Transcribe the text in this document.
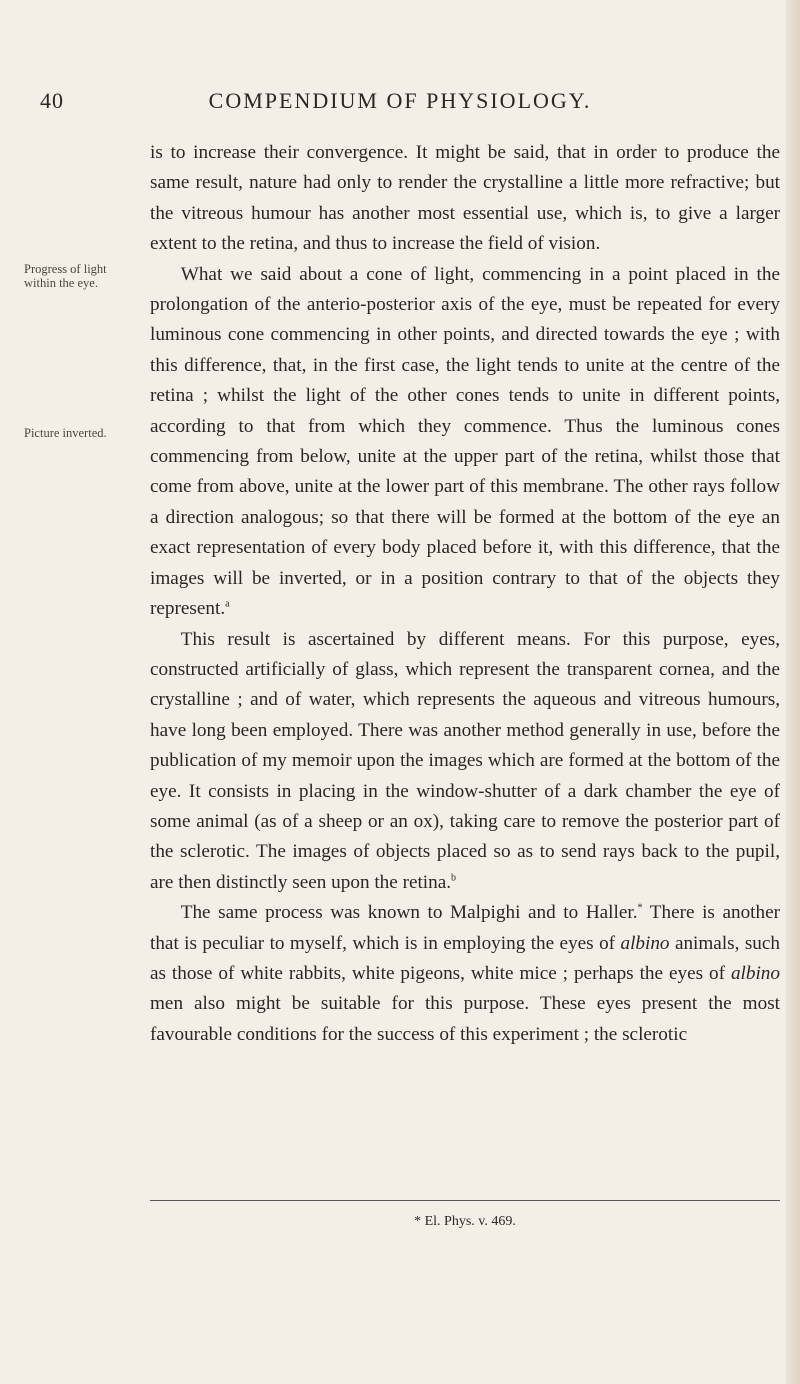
40	COMPENDIUM OF PHYSIOLOGY.
Progress of light within the eye.
Picture inverted.

is to increase their convergence. It might be said, that in order to produce the same result, nature had only to render the crystalline a little more refractive; but the vitreous humour has another most essential use, which is, to give a larger extent to the retina, and thus to increase the field of vision.

What we said about a cone of light, commencing in a point placed in the prolongation of the anterio-posterior axis of the eye, must be repeated for every luminous cone commencing in other points, and directed towards the eye ; with this difference, that, in the first case, the light tends to unite at the centre of the retina ; whilst the light of the other cones tends to unite in different points, according to that from which they commence. Thus the luminous cones commencing from below, unite at the upper part of the retina, whilst those that come from above, unite at the lower part of this membrane. The other rays follow a direction analogous; so that there will be formed at the bottom of the eye an exact representation of every body placed before it, with this difference, that the images will be inverted, or in a position contrary to that of the objects they represent.$^a$

This result is ascertained by different means. For this purpose, eyes, constructed artificially of glass, which represent the transparent cornea, and the crystalline ; and of water, which represents the aqueous and vitreous humours, have long been employed. There was another method generally in use, before the publication of my memoir upon the images which are formed at the bottom of the eye. It consists in placing in the window-shutter of a dark chamber the eye of some animal (as of a sheep or an ox), taking care to remove the posterior part of the sclerotic. The images of objects placed so as to send rays back to the pupil, are then distinctly seen upon the retina.$^b$

The same process was known to Malpighi and to Haller.* There is another that is peculiar to myself, which is in employing the eyes of albino animals, such as those of white rabbits, white pigeons, white mice ; perhaps the eyes of albino men also might be suitable for this purpose. These eyes present the most favourable conditions for the success of this experiment ; the sclerotic

* El. Phys. v. 469.
